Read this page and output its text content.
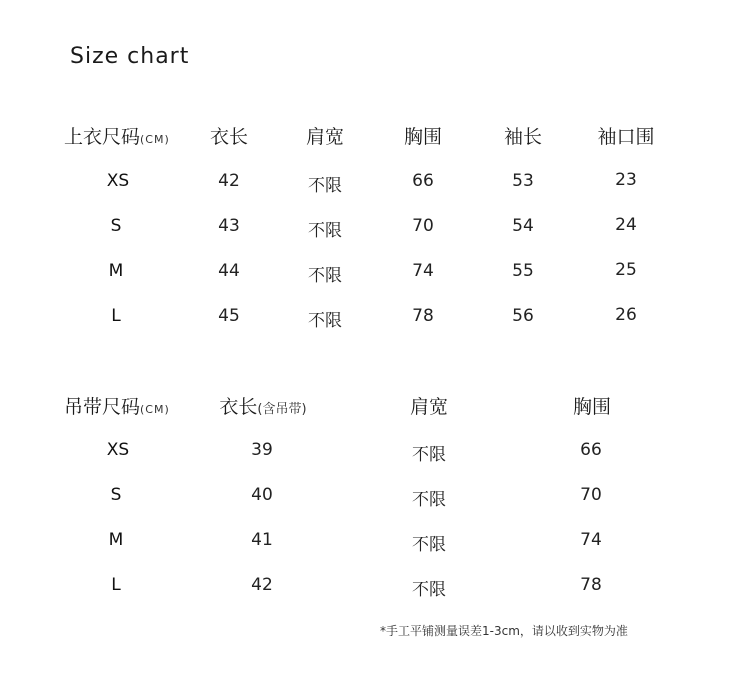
Size chart
上衣尺码(CM) 衣长	肩宽	胸围	袖长	袖口围
XS	42	不限	66	53	23
S	43	不限	70	54	24
M	44	不限	74	55	25
L	45	不限	78	56	26
吊带尺码(CM)	衣长(含吊带)	肩宽	胸围
XS	39	不限	66
S	40	不限	70
M	41	不限	74
L	42	不限	78
*手工平铺测量误差1-3cm，请以收到实物为准
